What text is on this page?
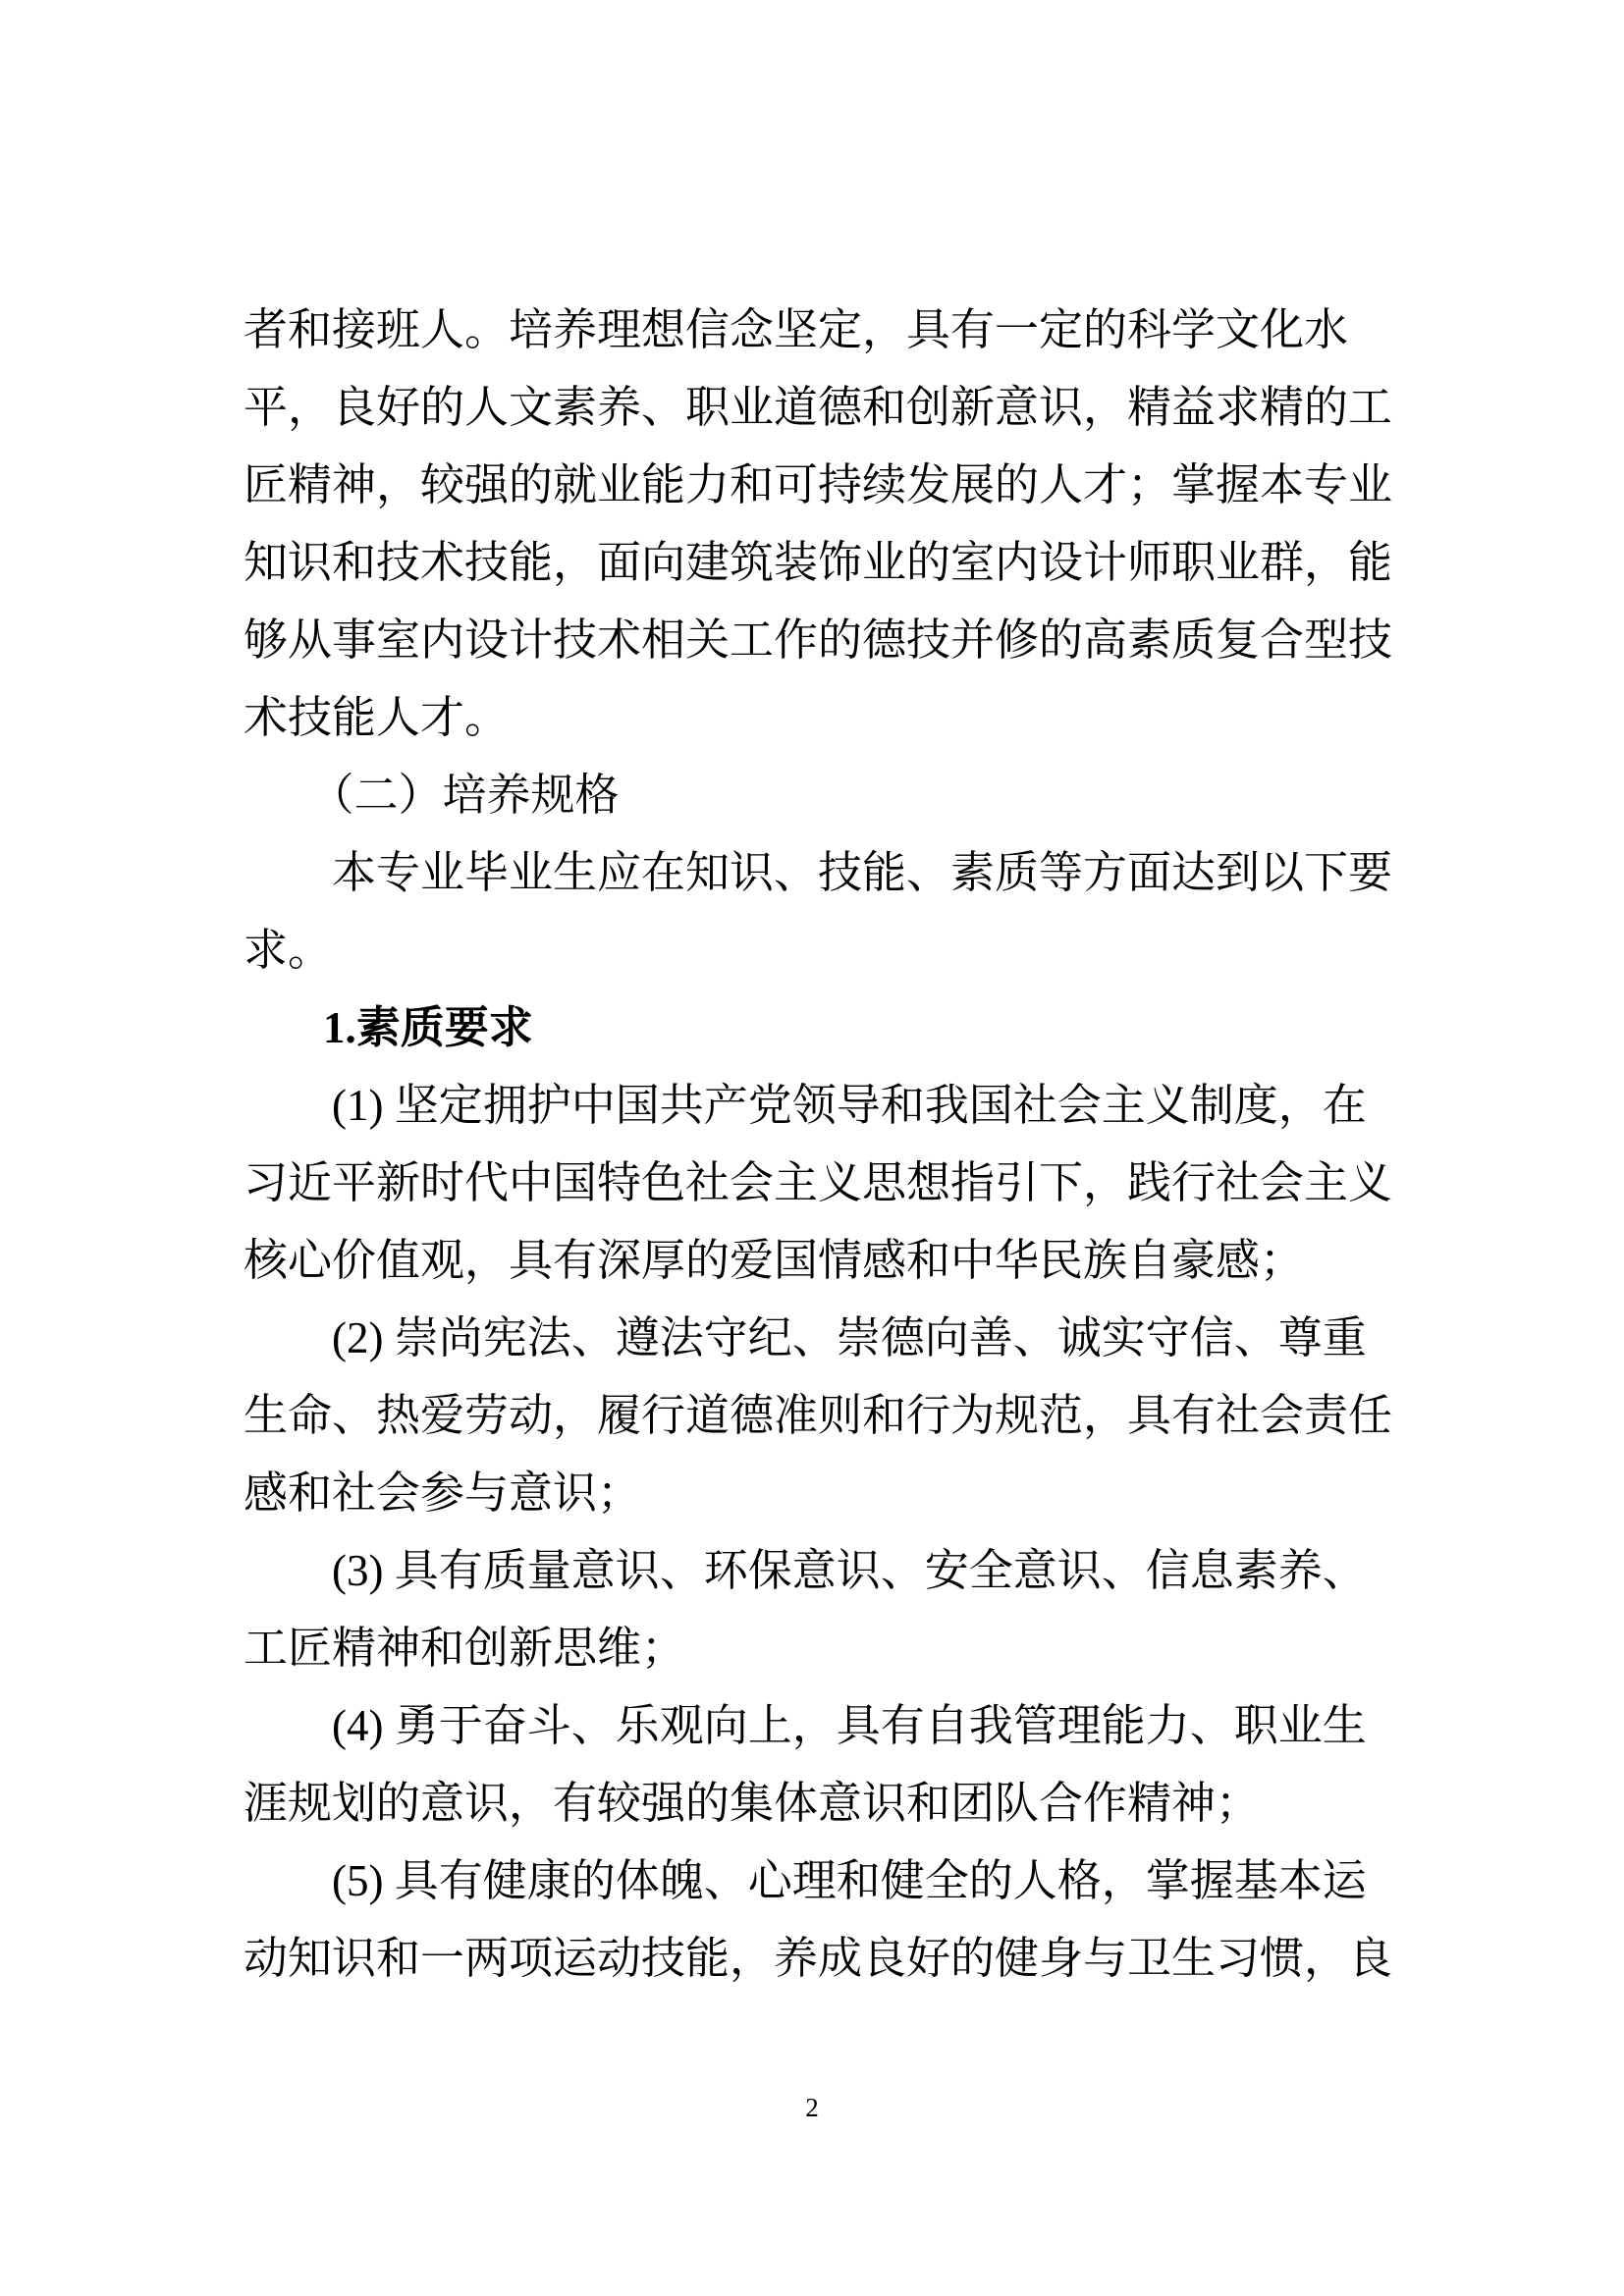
者和接班人。培养理想信念坚定，具有一定的科学文化水
平，良好的人文素养、职业道德和创新意识，精益求精的工
匠精神，较强的就业能力和可持续发展的人才；掌握本专业
知识和技术技能，面向建筑装饰业的室内设计师职业群，能
够从事室内设计技术相关工作的德技并修的高素质复合型技
术技能人才。
（二）培养规格
本专业毕业生应在知识、技能、素质等方面达到以下要
求。
1.素质要求
(1) 坚定拥护中国共产党领导和我国社会主义制度，在
习近平新时代中国特色社会主义思想指引下，践行社会主义
核心价值观，具有深厚的爱国情感和中华民族自豪感；
(2) 崇尚宪法、遵法守纪、崇德向善、诚实守信、尊重
生命、热爱劳动，履行道德准则和行为规范，具有社会责任
感和社会参与意识；
(3) 具有质量意识、环保意识、安全意识、信息素养、
工匠精神和创新思维；
(4) 勇于奋斗、乐观向上，具有自我管理能力、职业生
涯规划的意识，有较强的集体意识和团队合作精神；
(5) 具有健康的体魄、心理和健全的人格，掌握基本运
动知识和一两项运动技能，养成良好的健身与卫生习惯，良
2
